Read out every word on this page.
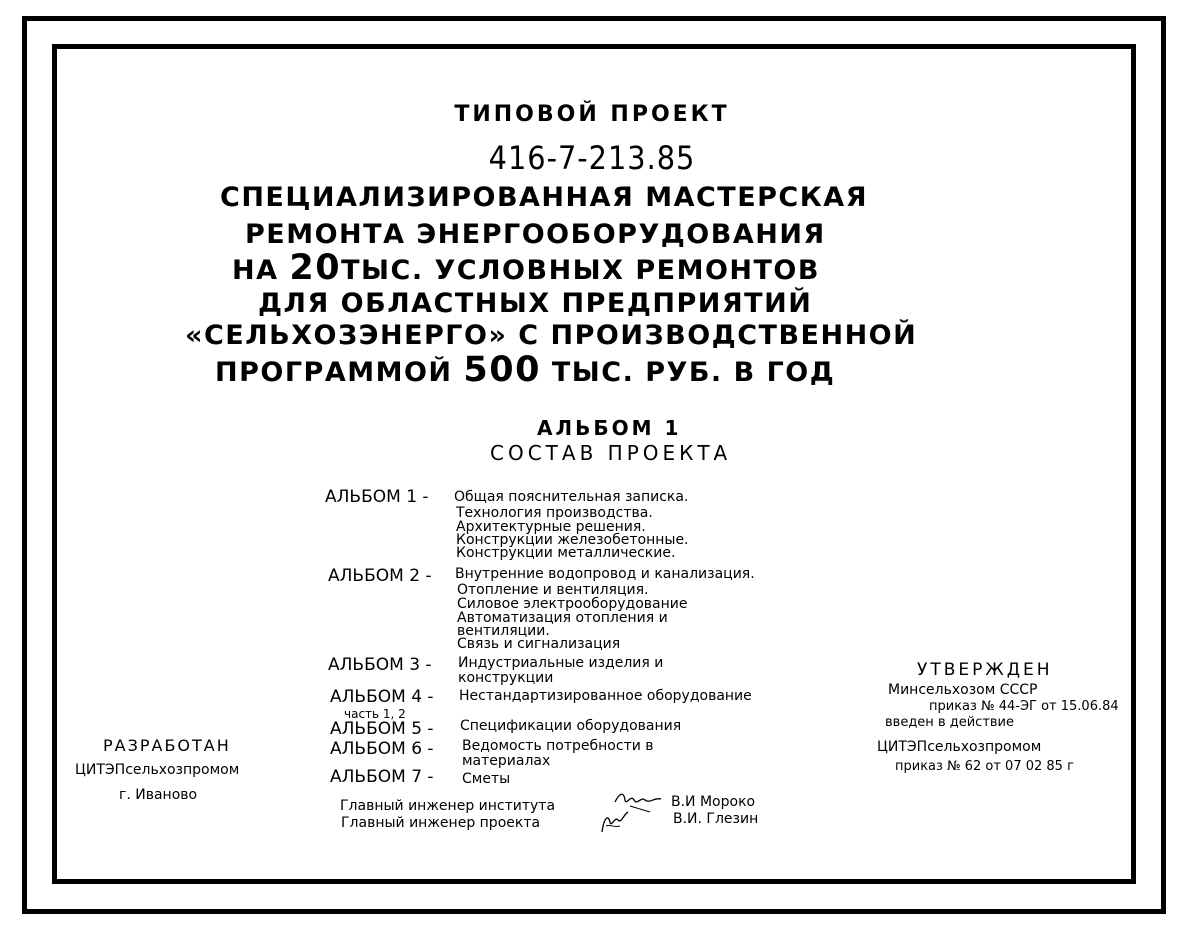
ТИПОВОЙ ПРОЕКТ
416-7-213.85
СПЕЦИАЛИЗИРОВАННАЯ МАСТЕРСКАЯ
РЕМОНТА ЭНЕРГООБОРУДОВАНИЯ
НА 20ТЫС. УСЛОВНЫХ РЕМОНТОВ
ДЛЯ ОБЛАСТНЫХ ПРЕДПРИЯТИЙ
«СЕЛЬХОЗЭНЕРГО» С ПРОИЗВОДСТВЕННОЙ
ПРОГРАММОЙ 500 ТЫС. РУБ. В ГОД
АЛЬБОМ 1
СОСТАВ ПРОЕКТА
АЛЬБОМ 1 - Общая пояснительная записка.
Технология производства.
Архитектурные решения.
Конструкции железобетонные.
Конструкции металлические.
АЛЬБОМ 2 - Внутренние водопровод и канализация.
Отопление и вентиляция.
Силовое электрооборудование
Автоматизация отопления и
вентиляции.
Связь и сигнализация
АЛЬБОМ 3 - Индустриальные изделия и
конструкции
АЛЬБОМ 4 - Нестандартизированное оборудование
часть 1, 2
АЛЬБОМ 5 - Спецификации оборудования
АЛЬБОМ 6 - Ведомость потребности в
материалах
АЛЬБОМ 7 - Сметы
РАЗРАБОТАН
ЦИТЭПсельхозпромом
г. Иваново
УТВЕРЖДЕН
Минсельхозом СССР
приказ № 44-ЭГ от 15.06.84
введен в действие
ЦИТЭПсельхозпромом
приказ № 62 от 07 02 85 г
Главный инженер института
Главный инженер проекта
В.И Мороко
В.И. Глезин
